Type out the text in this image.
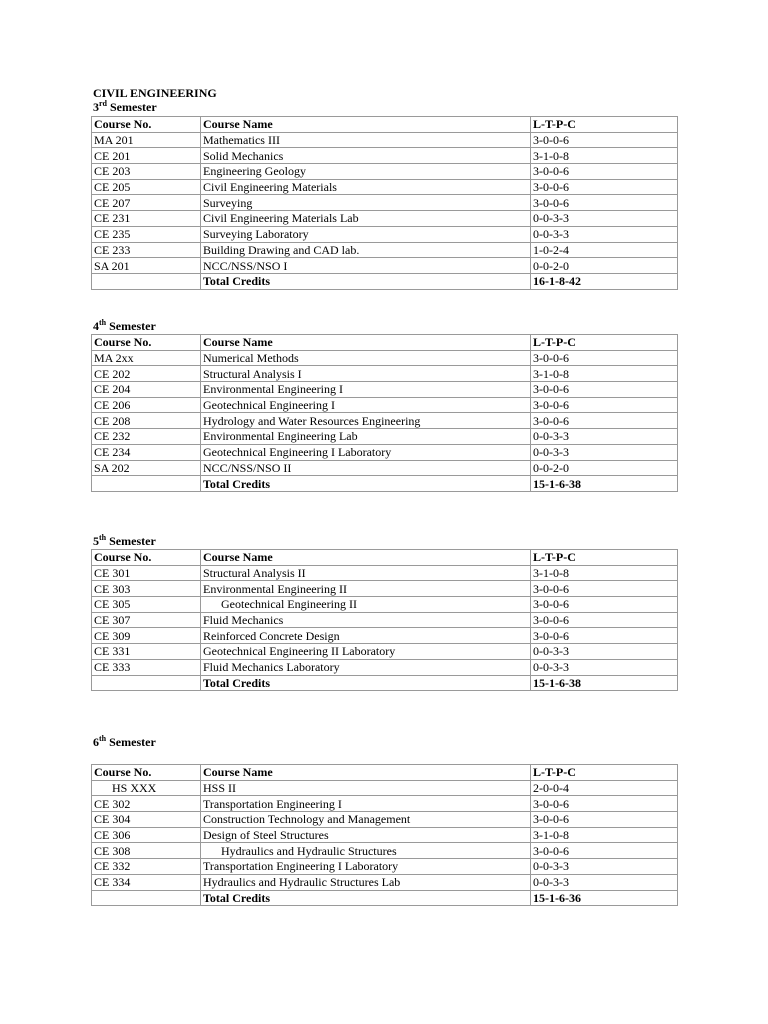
CIVIL ENGINEERING
3rd Semester
Course No.	Course Name	L-T-P-C
MA 201	Mathematics III	3-0-0-6
CE 201	Solid Mechanics	3-1-0-8
CE 203	Engineering Geology	3-0-0-6
CE 205	Civil Engineering Materials	3-0-0-6
CE 207	Surveying	3-0-0-6
CE 231	Civil Engineering Materials Lab	0-0-3-3
CE 235	Surveying Laboratory	0-0-3-3
CE 233	Building Drawing and CAD lab.	1-0-2-4
SA 201	NCC/NSS/NSO I	0-0-2-0
	Total Credits	16-1-8-42
4th Semester
Course No.	Course Name	L-T-P-C
MA 2xx	Numerical Methods	3-0-0-6
CE 202	Structural Analysis I	3-1-0-8
CE 204	Environmental Engineering I	3-0-0-6
CE 206	Geotechnical Engineering I	3-0-0-6
CE 208	Hydrology and Water Resources Engineering	3-0-0-6
CE 232	Environmental Engineering Lab	0-0-3-3
CE 234	Geotechnical Engineering I Laboratory	0-0-3-3
SA 202	NCC/NSS/NSO II	0-0-2-0
	Total Credits	15-1-6-38
5th Semester
Course No.	Course Name	L-T-P-C
CE 301	Structural Analysis II	3-1-0-8
CE 303	Environmental Engineering II	3-0-0-6
CE 305	Geotechnical Engineering II	3-0-0-6
CE 307	Fluid Mechanics	3-0-0-6
CE 309	Reinforced Concrete Design	3-0-0-6
CE 331	Geotechnical Engineering II Laboratory	0-0-3-3
CE 333	Fluid Mechanics Laboratory	0-0-3-3
	Total Credits	15-1-6-38
6th Semester
Course No.	Course Name	L-T-P-C
HS XXX	HSS II	2-0-0-4
CE 302	Transportation Engineering I	3-0-0-6
CE 304	Construction Technology and Management	3-0-0-6
CE 306	Design of Steel Structures	3-1-0-8
CE 308	Hydraulics and Hydraulic Structures	3-0-0-6
CE 332	Transportation Engineering I Laboratory	0-0-3-3
CE 334	Hydraulics and Hydraulic Structures Lab	0-0-3-3
	Total Credits	15-1-6-36
